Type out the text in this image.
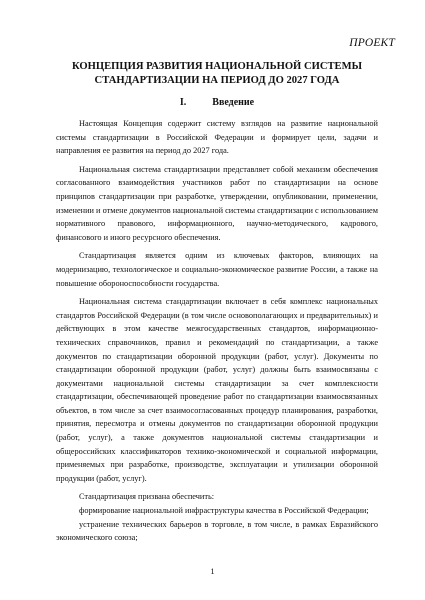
ПРОЕКТ
КОНЦЕПЦИЯ РАЗВИТИЯ НАЦИОНАЛЬНОЙ СИСТЕМЫ
СТАНДАРТИЗАЦИИ НА ПЕРИОД ДО 2027 ГОДА
I.	Введение

Настоящая Концепция содержит систему взглядов на развитие национальной системы стандартизации в Российской Федерации и формирует цели, задачи и направления ее развития на период до 2027 года.

Национальная система стандартизации представляет собой механизм обеспечения согласованного взаимодействия участников работ по стандартизации на основе принципов стандартизации при разработке, утверждении, опубликовании, применении, изменении и отмене документов национальной системы стандартизации с использованием нормативного правового, информационного, научно-методического, кадрового, финансового и иного ресурсного обеспечения.

Стандартизация является одним из ключевых факторов, влияющих на модернизацию, технологическое и социально-экономическое развитие России, а также на повышение обороноспособности государства.

Национальная система стандартизации включает в себя комплекс национальных стандартов Российской Федерации (в том числе основополагающих и предварительных) и действующих в этом качестве межгосударственных стандартов, информационно-технических справочников, правил и рекомендаций по стандартизации, а также документов по стандартизации оборонной продукции (работ, услуг). Документы по стандартизации оборонной продукции (работ, услуг) должны быть взаимосвязаны с документами национальной системы стандартизации за счет комплексности стандартизации, обеспечивающей проведение работ по стандартизации взаимосвязанных объектов, в том числе за счет взаимосогласованных процедур планирования, разработки, принятия, пересмотра и отмены документов по стандартизации оборонной продукции (работ, услуг), а также документов национальной системы стандартизации и общероссийских классификаторов технико-экономической и социальной информации, применяемых при разработке, производстве, эксплуатации и утилизации оборонной продукции (работ, услуг).

Стандартизация призвана обеспечить:

формирование национальной инфраструктуры качества в Российской Федерации;

устранение технических барьеров в торговле, в том числе, в рамках Евразийского экономического союза;

1
